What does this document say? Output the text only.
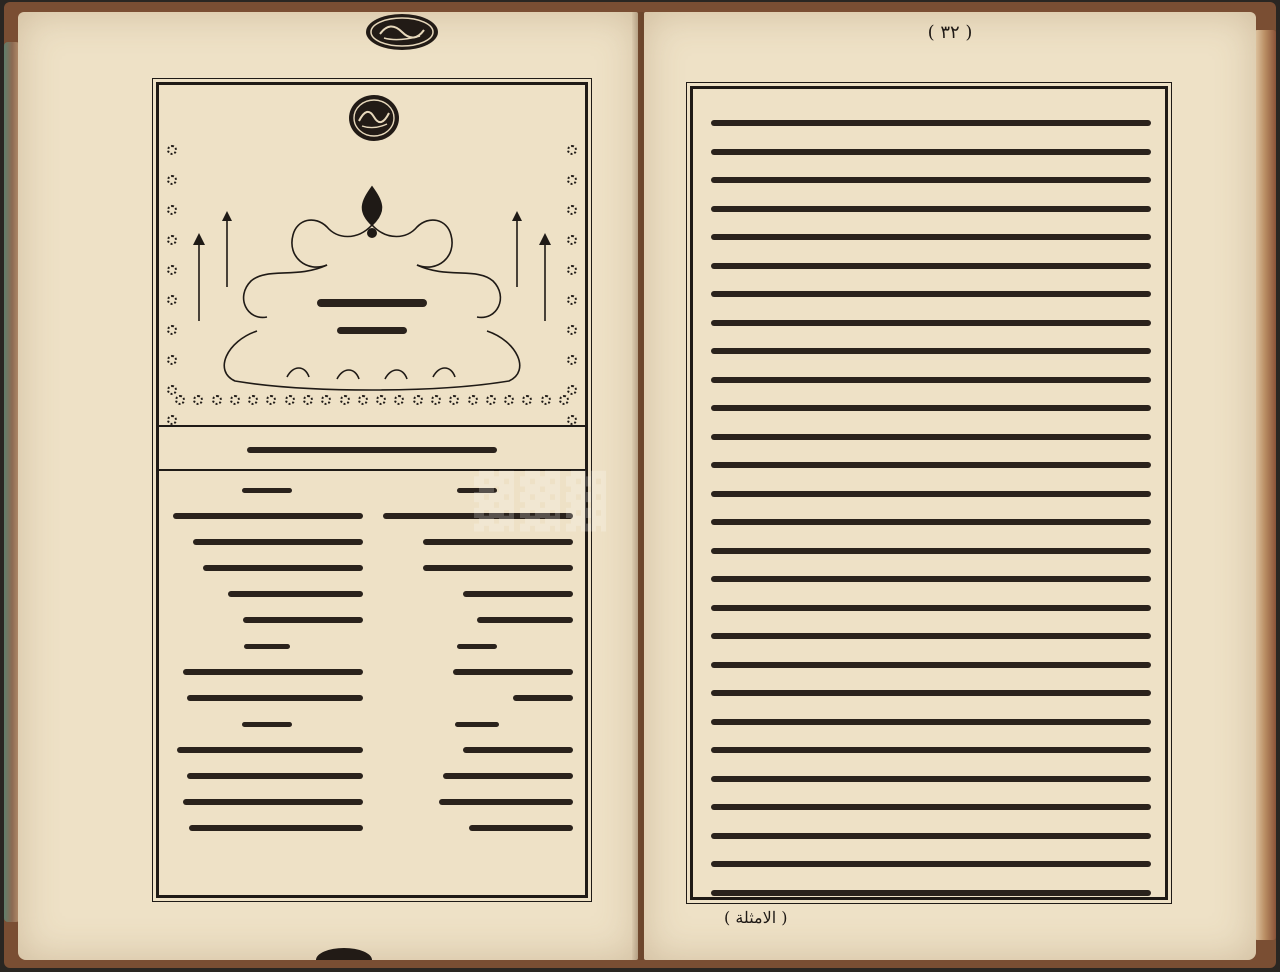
( ٣٢ )
( الامثلة )
▓▓▓
